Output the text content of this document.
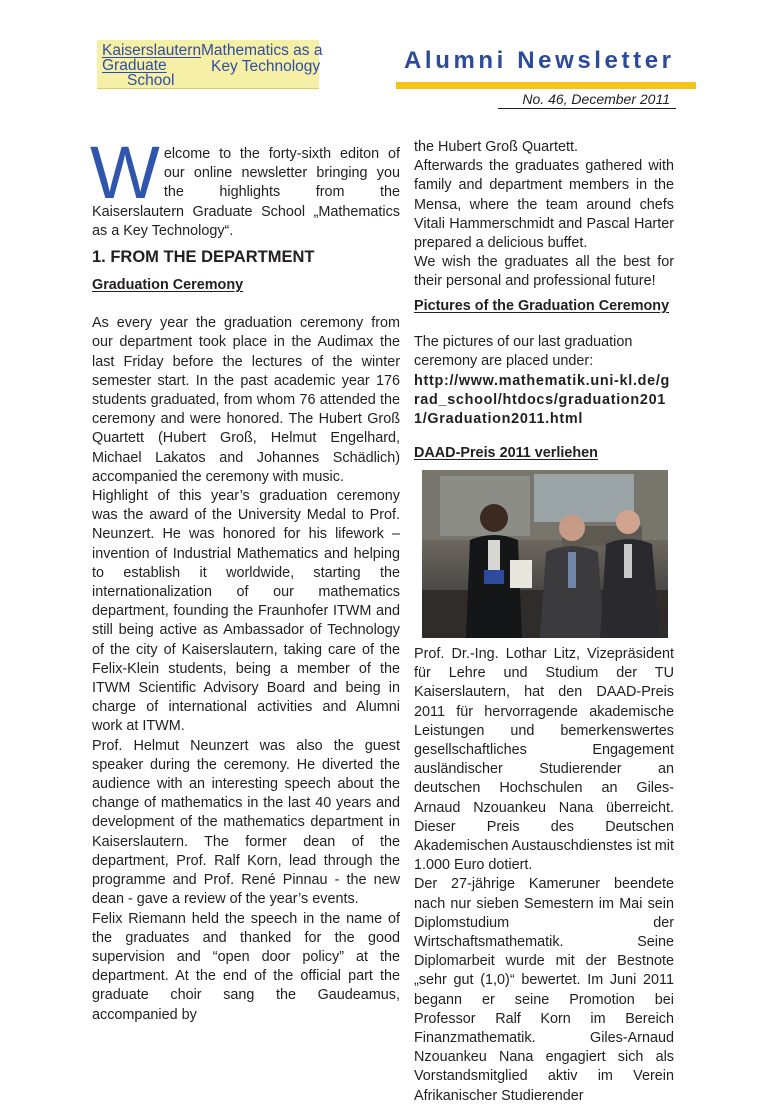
Kaiserslautern Mathematics as a
Graduate	Key Technology
School
Alumni Newsletter
No. 46, December 2011
W elcome to the forty-sixth editon of our online newsletter bringing you the highlights from the Kaiserslautern Graduate School „Mathematics as a Key Technology“.
1. FROM THE DEPARTMENT

Graduation Ceremony

As every year the graduation ceremony from our department took place in the Audimax the last Friday before the lectures of the winter semester start. In the past academic year 176 students graduated, from whom 76 attended the ceremony and were honored. The Hubert Groß Quartett (Hubert Groß, Helmut Engelhard, Michael Lakatos and Johannes Schädlich) accompanied the ceremony with music.

Highlight of this year’s graduation ceremony was the award of the University Medal to Prof. Neunzert. He was honored for his lifework – invention of Industrial Mathematics and helping to establish it worldwide, starting the internationalization of our mathematics department, founding the Fraunhofer ITWM and still being active as Ambassador of Technology of the city of Kaiserslautern, taking care of the Felix-Klein students, being a member of the ITWM Scientific Advisory Board and being in charge of international activities and Alumni work at ITWM.

Prof. Helmut Neunzert was also the guest speaker during the ceremony. He diverted the audience with an interesting speech about the change of mathematics in the last 40 years and development of the mathematics department in Kaiserslautern. The former dean of the department, Prof. Ralf Korn, lead through the programme and Prof. René Pinnau - the new dean - gave a review of the year’s events.

Felix Riemann held the speech in the name of the graduates and thanked for the good supervision and “open door policy” at the department. At the end of the official part the graduate choir sang the Gaudeamus, accompanied by

the Hubert Groß Quartett.

Afterwards the graduates gathered with family and department members in the Mensa, where the team around chefs Vitali Hammerschmidt and Pascal Harter prepared a delicious buffet.

We wish the graduates all the best for their personal and professional future!

Pictures of the Graduation Ceremony

The pictures of our last graduation ceremony are placed under:

http://www.mathematik.uni-kl.de/grad_school/htdocs/graduation2011/Graduation2011.html

DAAD-Preis 2011 verliehen

Prof. Dr.-Ing. Lothar Litz, Vizepräsident für Lehre und Studium der TU Kaiserslautern, hat den DAAD-Preis 2011 für hervorragende akademische Leistungen und bemerkenswertes gesellschaftliches Engagement ausländischer Studierender an deutschen Hochschulen an Giles-Arnaud Nzouankeu Nana überreicht. Dieser Preis des Deutschen Akademischen Austauschdienstes ist mit 1.000 Euro dotiert.

Der 27-jährige Kameruner beendete nach nur sieben Semestern im Mai sein Diplomstudium der Wirtschaftsmathematik. Seine Diplomarbeit wurde mit der Bestnote „sehr gut (1,0)“ bewertet. Im Juni 2011 begann er seine Promotion bei Professor Ralf Korn im Bereich Finanzmathematik. Giles-Arnaud Nzouankeu Nana engagiert sich als Vorstandsmitglied aktiv im Verein Afrikanischer Studierender
